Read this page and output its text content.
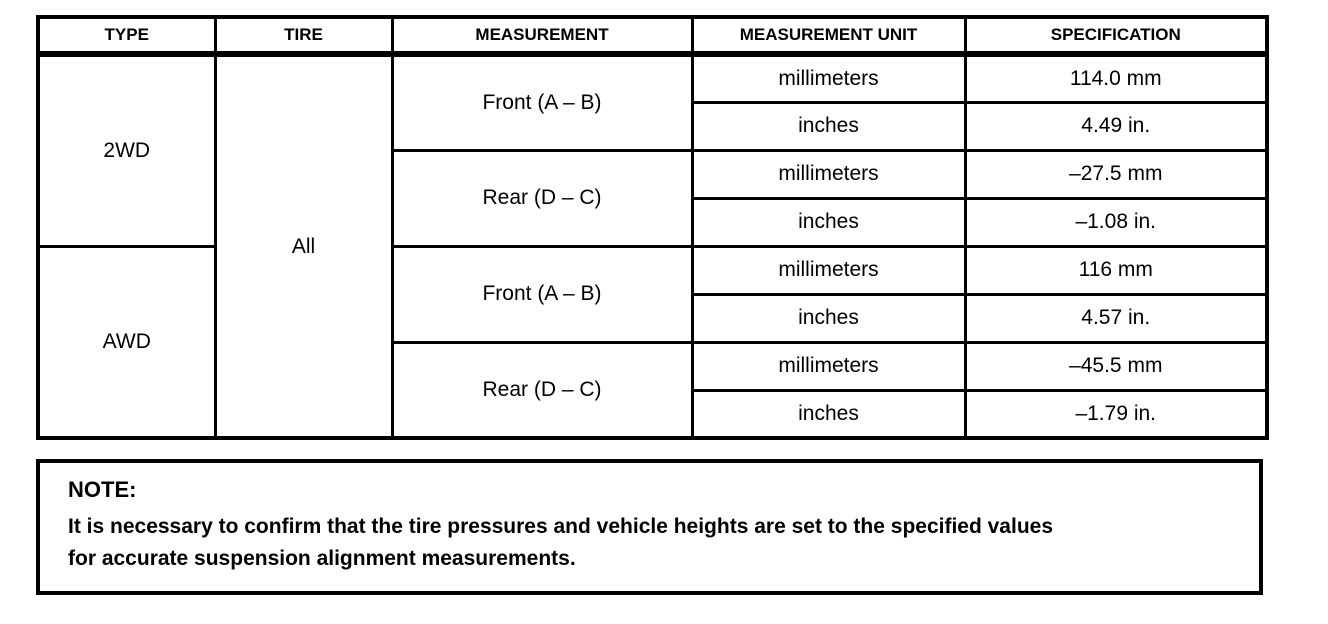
TYPE	TIRE	MEASUREMENT	MEASUREMENT UNIT	SPECIFICATION
2WD	All	Front (A – B)	millimeters	114.0 mm
			inches	4.49 in.
		Rear (D – C)	millimeters	–27.5 mm
			inches	–1.08 in.
AWD		Front (A – B)	millimeters	116 mm
			inches	4.57 in.
		Rear (D – C)	millimeters	–45.5 mm
			inches	–1.79 in.
NOTE:
It is necessary to confirm that the tire pressures and vehicle heights are set to the specified values for accurate suspension alignment measurements.
